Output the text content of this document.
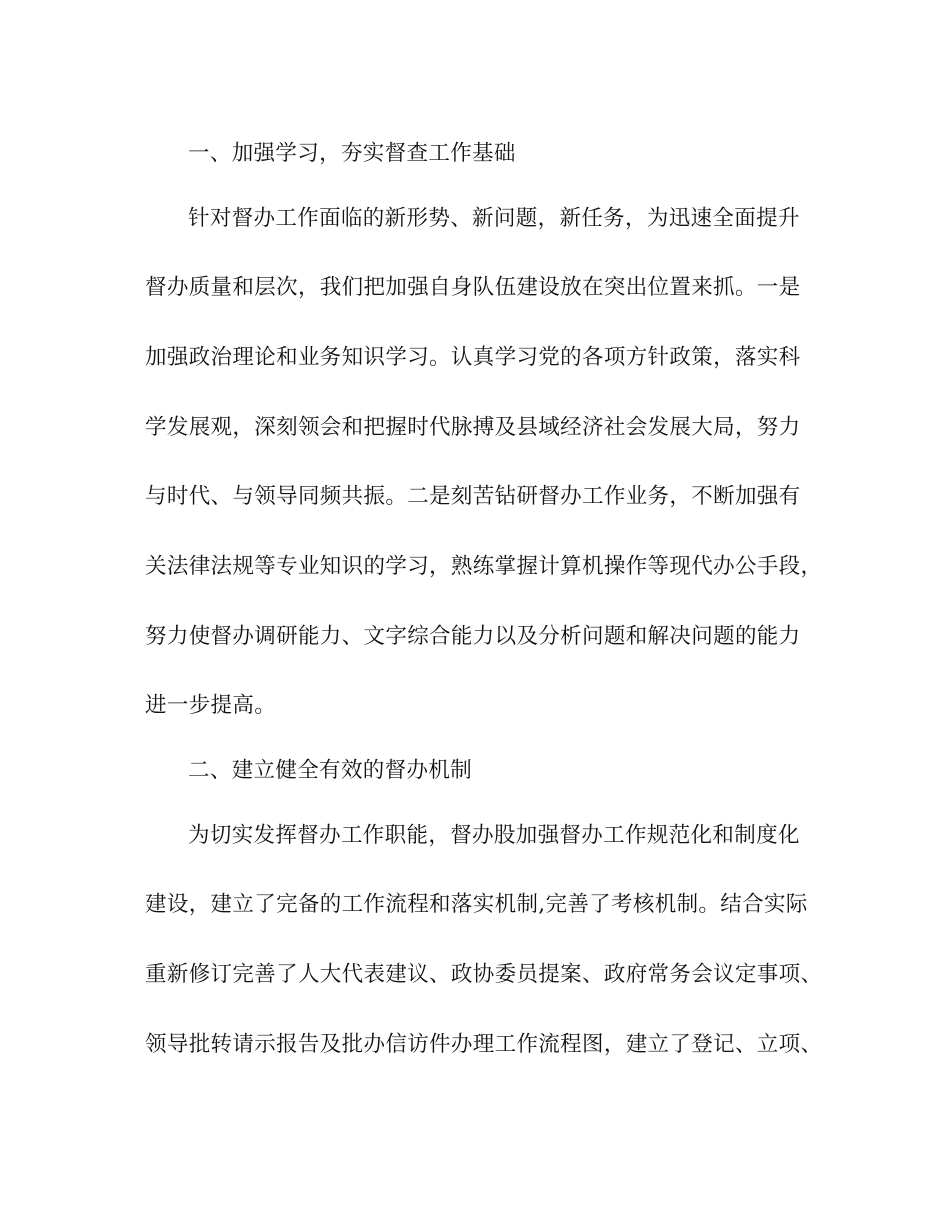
一、加强学习，夯实督查工作基础
针对督办工作面临的新形势、新问题，新任务，为迅速全面提升
督办质量和层次，我们把加强自身队伍建设放在突出位置来抓。一是
加强政治理论和业务知识学习。认真学习党的各项方针政策，落实科
学发展观，深刻领会和把握时代脉搏及县域经济社会发展大局，努力
与时代、与领导同频共振。二是刻苦钻研督办工作业务，不断加强有
关法律法规等专业知识的学习，熟练掌握计算机操作等现代办公手段，
努力使督办调研能力、文字综合能力以及分析问题和解决问题的能力
进一步提高。
二、建立健全有效的督办机制
为切实发挥督办工作职能，督办股加强督办工作规范化和制度化
建设，建立了完备的工作流程和落实机制,完善了考核机制。结合实际
重新修订完善了人大代表建议、政协委员提案、政府常务会议定事项、
领导批转请示报告及批办信访件办理工作流程图，建立了登记、立项、
